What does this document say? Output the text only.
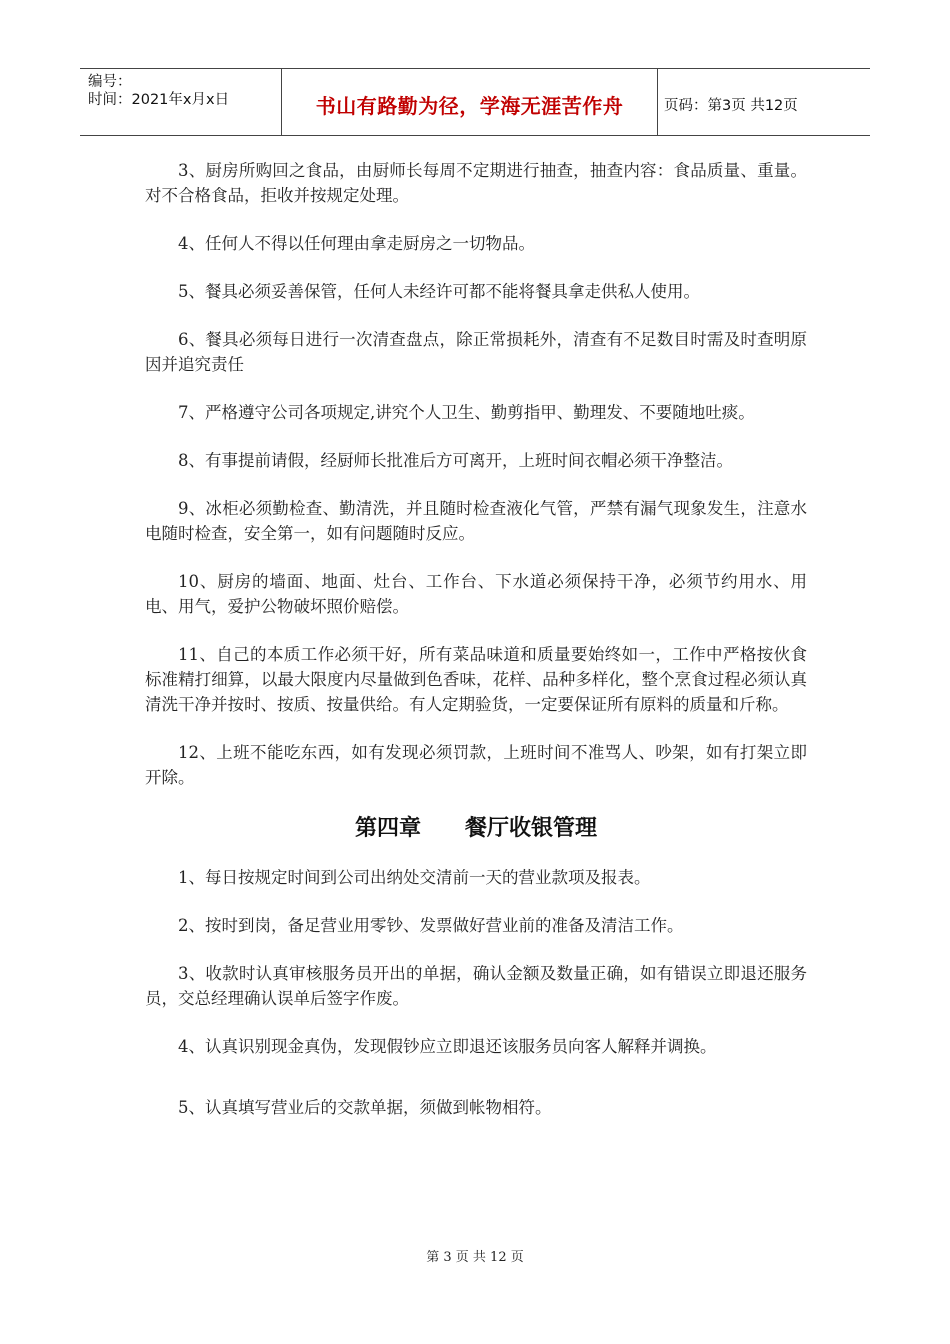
编号：
时间：2021年x月x日	书山有路勤为径，学海无涯苦作舟	页码：第3页 共12页

3、厨房所购回之食品，由厨师长每周不定期进行抽查，抽查内容：食品质量、重量。对不合格食品，拒收并按规定处理。

4、任何人不得以任何理由拿走厨房之一切物品。

5、餐具必须妥善保管，任何人未经许可都不能将餐具拿走供私人使用。

6、餐具必须每日进行一次清查盘点，除正常损耗外，清查有不足数目时需及时查明原因并追究责任

7、严格遵守公司各项规定,讲究个人卫生、勤剪指甲、勤理发、不要随地吐痰。

8、有事提前请假，经厨师长批准后方可离开，上班时间衣帽必须干净整洁。

9、冰柜必须勤检查、勤清洗，并且随时检查液化气管，严禁有漏气现象发生，注意水电随时检查，安全第一，如有问题随时反应。

10、厨房的墙面、地面、灶台、工作台、下水道必须保持干净，必须节约用水、用电、用气，爱护公物破坏照价赔偿。

11、自己的本质工作必须干好，所有菜品味道和质量要始终如一，工作中严格按伙食标准精打细算，以最大限度内尽量做到色香味，花样、品种多样化，整个烹食过程必须认真清洗干净并按时、按质、按量供给。有人定期验货，一定要保证所有原料的质量和斤称。

12、上班不能吃东西，如有发现必须罚款，上班时间不准骂人、吵架，如有打架立即开除。

第四章　　餐厅收银管理

1、每日按规定时间到公司出纳处交清前一天的营业款项及报表。

2、按时到岗，备足营业用零钞、发票做好营业前的准备及清洁工作。

3、收款时认真审核服务员开出的单据，确认金额及数量正确，如有错误立即退还服务员，交总经理确认误单后签字作废。

4、认真识别现金真伪，发现假钞应立即退还该服务员向客人解释并调换。

5、认真填写营业后的交款单据，须做到帐物相符。

第 3 页 共 12 页
